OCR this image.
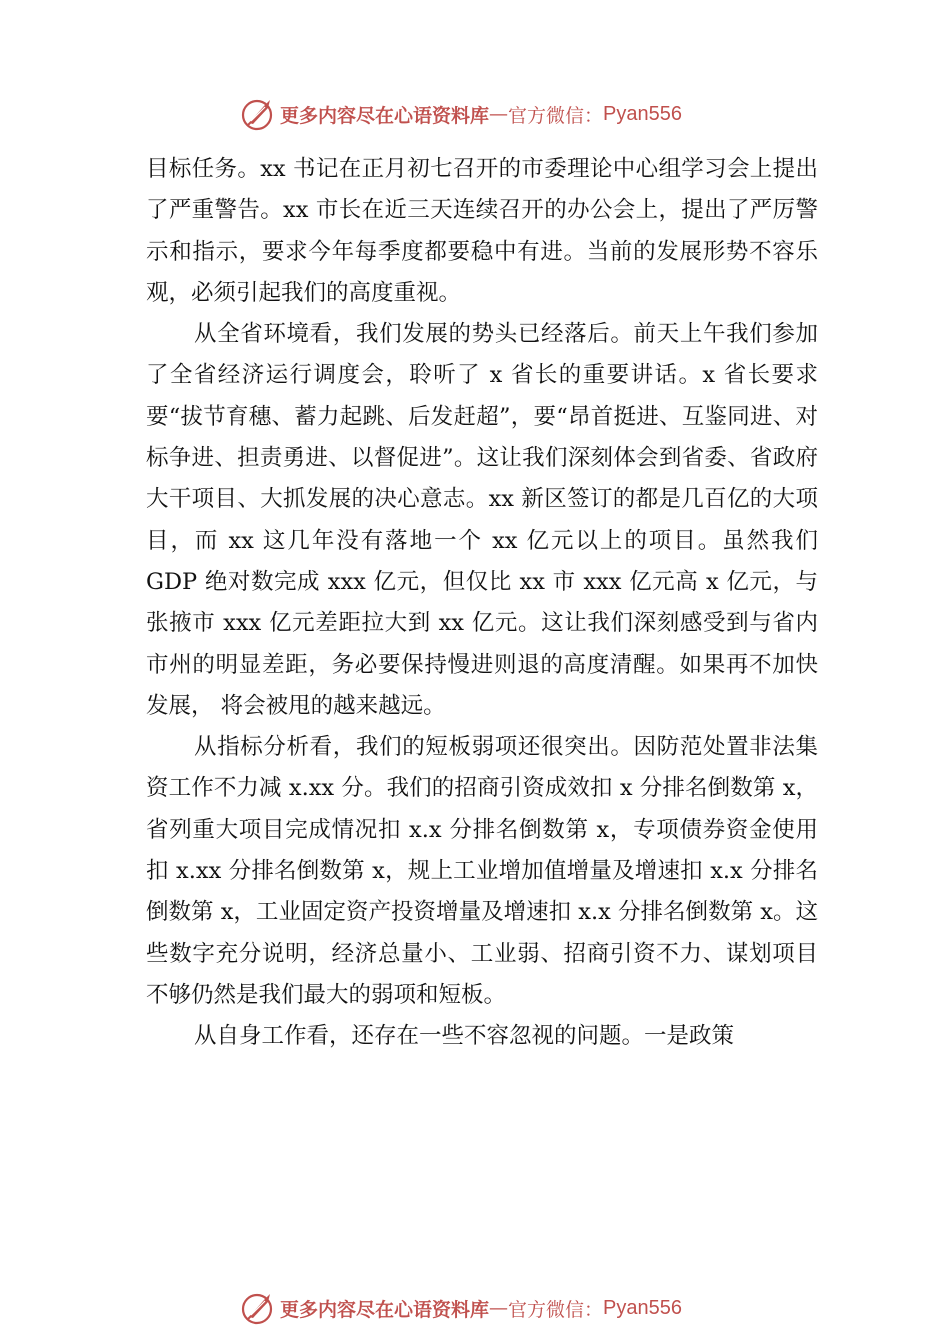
更多内容尽在心语资料库 — 官方微信： Pyan556

目标任务。xx 书记在正月初七召开的市委理论中心组学习会上提出了严重警告。xx 市长在近三天连续召开的办公会上，提出了严厉警示和指示，要求今年每季度都要稳中有进。当前的发展形势不容乐观，必须引起我们的高度重视。

从全省环境看，我们发展的势头已经落后。前天上午我们参加了全省经济运行调度会，聆听了 x 省长的重要讲话。x 省长要求要“拔节育穗、蓄力起跳、后发赶超”，要“昂首挺进、互鉴同进、对标争进、担责勇进、以督促进”。这让我们深刻体会到省委、省政府大干项目、大抓发展的决心意志。xx 新区签订的都是几百亿的大项目，而 xx 这几年没有落地一个 xx 亿元以上的项目。虽然我们 GDP 绝对数完成 xxx 亿元，但仅比 xx 市 xxx 亿元高 x 亿元，与张掖市 xxx 亿元差距拉大到 xx 亿元。这让我们深刻感受到与省内市州的明显差距，务必要保持慢进则退的高度清醒。如果再不加快发展， 将会被甩的越来越远。

从指标分析看，我们的短板弱项还很突出。因防范处置非法集资工作不力减 x.xx 分。我们的招商引资成效扣 x 分排名倒数第 x，省列重大项目完成情况扣 x.x 分排名倒数第 x，专项债券资金使用扣 x.xx 分排名倒数第 x，规上工业增加值增量及增速扣 x.x 分排名倒数第 x，工业固定资产投资增量及增速扣 x.x 分排名倒数第 x。这些数字充分说明，经济总量小、工业弱、招商引资不力、谋划项目不够仍然是我们最大的弱项和短板。

从自身工作看，还存在一些不容忽视的问题。一是政策

更多内容尽在心语资料库 — 官方微信： Pyan556
